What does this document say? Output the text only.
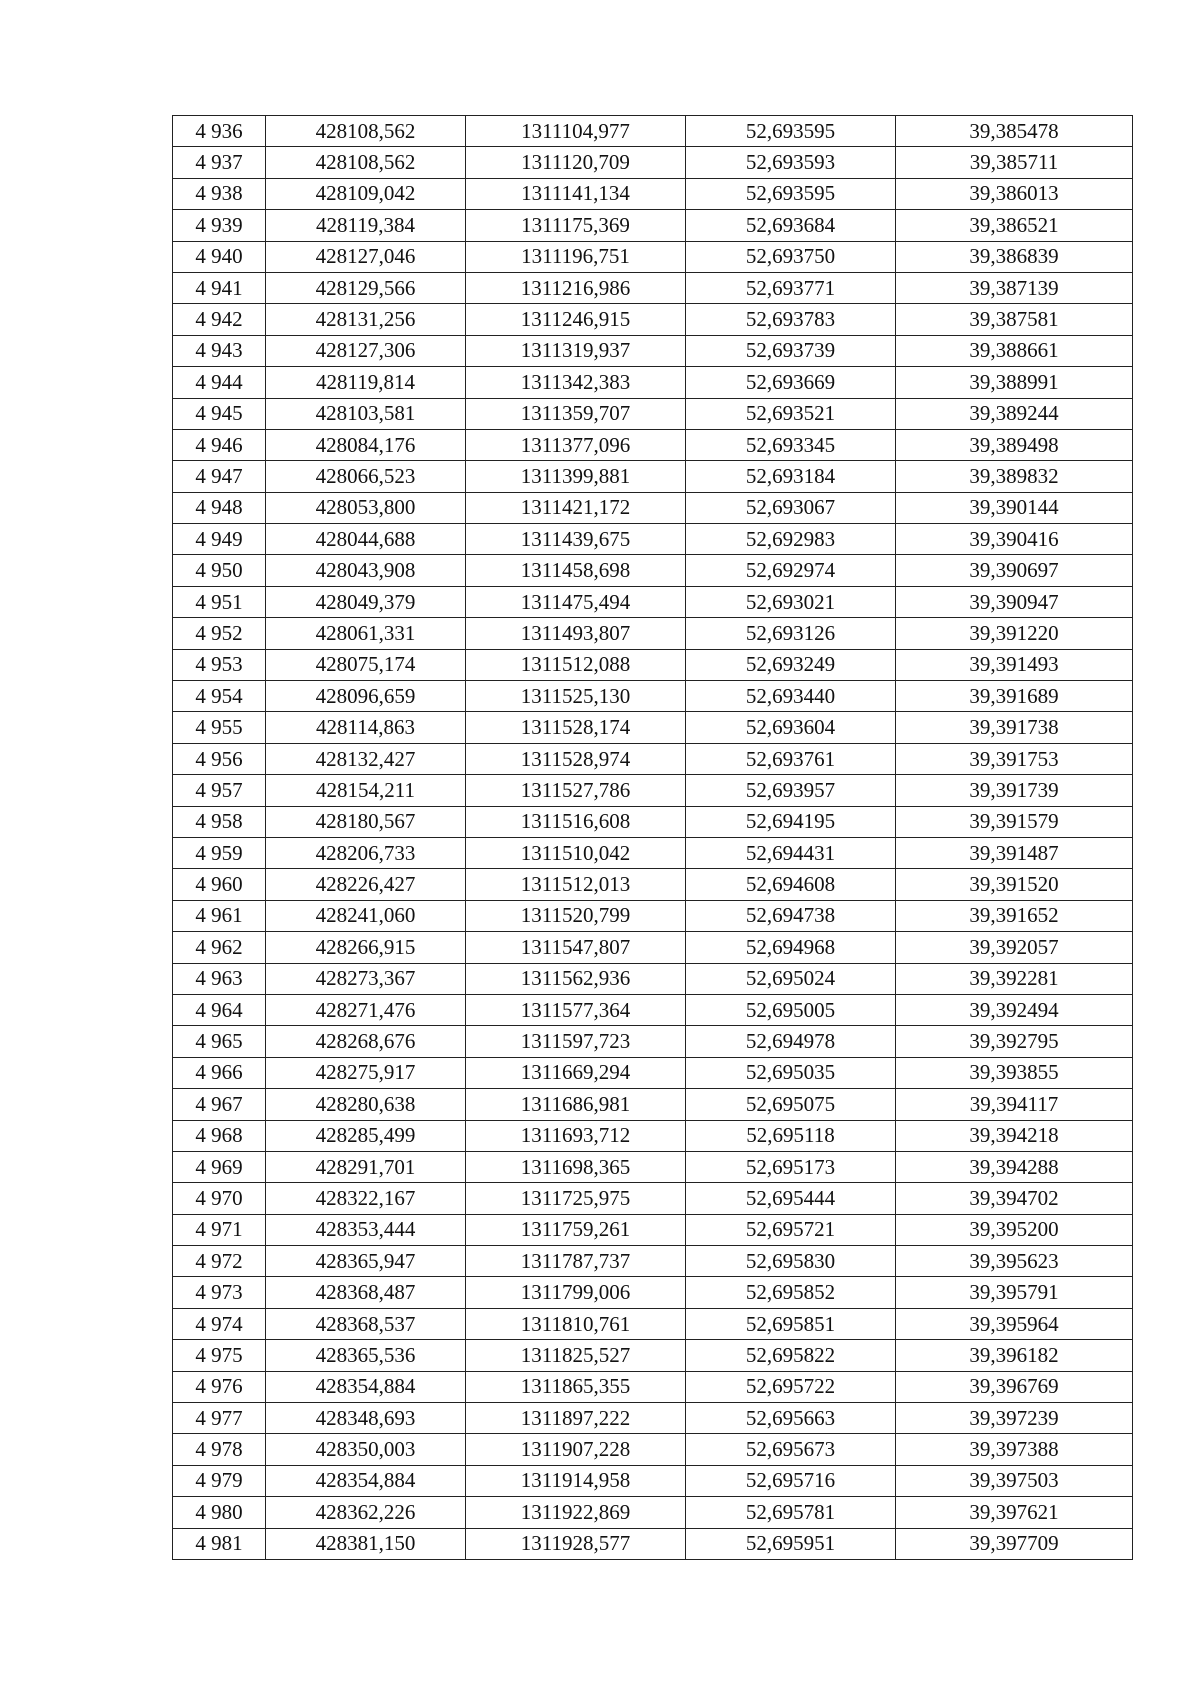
4 936	428108,562	1311104,977	52,693595	39,385478
4 937	428108,562	1311120,709	52,693593	39,385711
4 938	428109,042	1311141,134	52,693595	39,386013
4 939	428119,384	1311175,369	52,693684	39,386521
4 940	428127,046	1311196,751	52,693750	39,386839
4 941	428129,566	1311216,986	52,693771	39,387139
4 942	428131,256	1311246,915	52,693783	39,387581
4 943	428127,306	1311319,937	52,693739	39,388661
4 944	428119,814	1311342,383	52,693669	39,388991
4 945	428103,581	1311359,707	52,693521	39,389244
4 946	428084,176	1311377,096	52,693345	39,389498
4 947	428066,523	1311399,881	52,693184	39,389832
4 948	428053,800	1311421,172	52,693067	39,390144
4 949	428044,688	1311439,675	52,692983	39,390416
4 950	428043,908	1311458,698	52,692974	39,390697
4 951	428049,379	1311475,494	52,693021	39,390947
4 952	428061,331	1311493,807	52,693126	39,391220
4 953	428075,174	1311512,088	52,693249	39,391493
4 954	428096,659	1311525,130	52,693440	39,391689
4 955	428114,863	1311528,174	52,693604	39,391738
4 956	428132,427	1311528,974	52,693761	39,391753
4 957	428154,211	1311527,786	52,693957	39,391739
4 958	428180,567	1311516,608	52,694195	39,391579
4 959	428206,733	1311510,042	52,694431	39,391487
4 960	428226,427	1311512,013	52,694608	39,391520
4 961	428241,060	1311520,799	52,694738	39,391652
4 962	428266,915	1311547,807	52,694968	39,392057
4 963	428273,367	1311562,936	52,695024	39,392281
4 964	428271,476	1311577,364	52,695005	39,392494
4 965	428268,676	1311597,723	52,694978	39,392795
4 966	428275,917	1311669,294	52,695035	39,393855
4 967	428280,638	1311686,981	52,695075	39,394117
4 968	428285,499	1311693,712	52,695118	39,394218
4 969	428291,701	1311698,365	52,695173	39,394288
4 970	428322,167	1311725,975	52,695444	39,394702
4 971	428353,444	1311759,261	52,695721	39,395200
4 972	428365,947	1311787,737	52,695830	39,395623
4 973	428368,487	1311799,006	52,695852	39,395791
4 974	428368,537	1311810,761	52,695851	39,395964
4 975	428365,536	1311825,527	52,695822	39,396182
4 976	428354,884	1311865,355	52,695722	39,396769
4 977	428348,693	1311897,222	52,695663	39,397239
4 978	428350,003	1311907,228	52,695673	39,397388
4 979	428354,884	1311914,958	52,695716	39,397503
4 980	428362,226	1311922,869	52,695781	39,397621
4 981	428381,150	1311928,577	52,695951	39,397709
